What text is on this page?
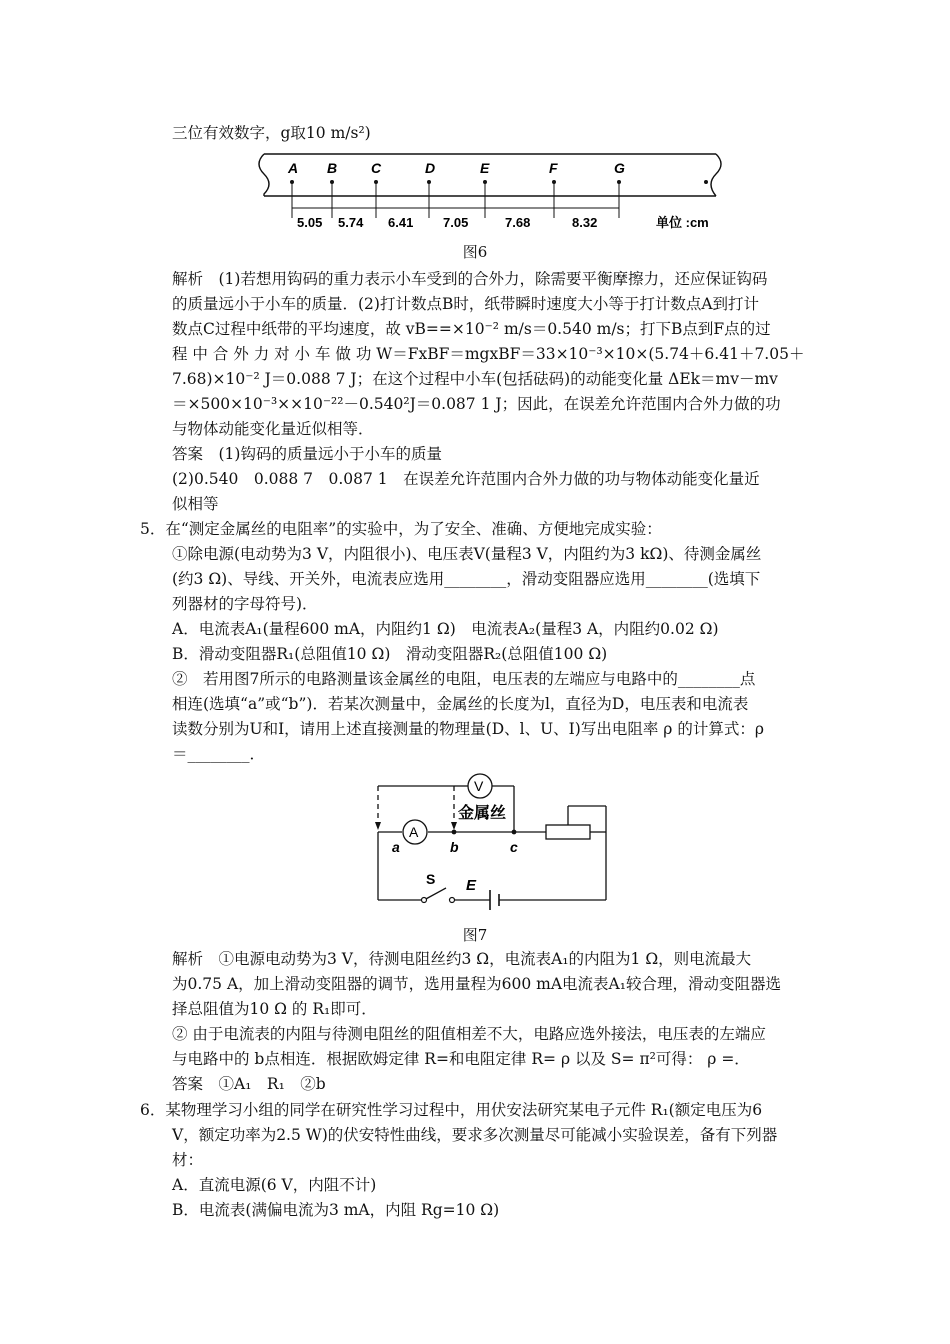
三位有效数字，g取10 m/s²)
A B C	D	E	F	G
5.05 5.74 6.41 7.05	7.68	8.32	单位 :cm
图6
解析　(1)若想用钩码的重力表示小车受到的合外力，除需要平衡摩擦力，还应保证钩码
的质量远小于小车的质量．(2)打计数点B时，纸带瞬时速度大小等于打计数点A到打计
数点C过程中纸带的平均速度，故 vB==×10⁻² m/s＝0.540 m/s；打下B点到F点的过
程 中 合 外 力 对 小 车 做 功 W＝FxBF＝mgxBF＝33×10⁻³×10×(5.74＋6.41＋7.05＋
7.68)×10⁻² J＝0.088 7 J；在这个过程中小车(包括砝码)的动能变化量 ΔEk＝mv－mv
＝×500×10⁻³××10⁻²²－0.540²J＝0.087 1 J；因此，在误差允许范围内合外力做的功
与物体动能变化量近似相等．
答案　(1)钩码的质量远小于小车的质量
(2)0.540　0.088 7　0.087 1　在误差允许范围内合外力做的功与物体动能变化量近
似相等
5．在“测定金属丝的电阻率”的实验中，为了安全、准确、方便地完成实验：
①除电源(电动势为3 V，内阻很小)、电压表V(量程3 V，内阻约为3 kΩ)、待测金属丝
(约3 Ω)、导线、开关外，电流表应选用________，滑动变阻器应选用________(选填下
列器材的字母符号)．
A．电流表A₁(量程600 mA，内阻约1 Ω)　电流表A₂(量程3 A，内阻约0.02 Ω)
B．滑动变阻器R₁(总阻值10 Ω)　滑动变阻器R₂(总阻值100 Ω)
②　若用图7所示的电路测量该金属丝的电阻，电压表的左端应与电路中的________点
相连(选填“a”或“b”)．若某次测量中，金属丝的长度为l，直径为D，电压表和电流表
读数分别为U和I，请用上述直接测量的物理量(D、l、U、I)写出电阻率 ρ 的计算式：ρ
＝________．
V
A
金属丝
a	b	c
S E
图7
解析　①电源电动势为3 V，待测电阻丝约3 Ω，电流表A₁的内阻为1 Ω，则电流最大
为0.75 A，加上滑动变阻器的调节，选用量程为600 mA电流表A₁较合理，滑动变阻器选
择总阻值为10 Ω 的 R₁即可．
② 由于电流表的内阻与待测电阻丝的阻值相差不大，电路应选外接法，电压表的左端应
与电路中的 b点相连．根据欧姆定律 R=和电阻定律 R= ρ 以及 S= π²可得： ρ =．
答案　①A₁　R₁　②b
6．某物理学习小组的同学在研究性学习过程中，用伏安法研究某电子元件 R₁(额定电压为6
V，额定功率为2.5 W)的伏安特性曲线，要求多次测量尽可能减小实验误差，备有下列器
材：
A．直流电源(6 V，内阻不计)
B．电流表(满偏电流为3 mA，内阻 Rg=10 Ω)
